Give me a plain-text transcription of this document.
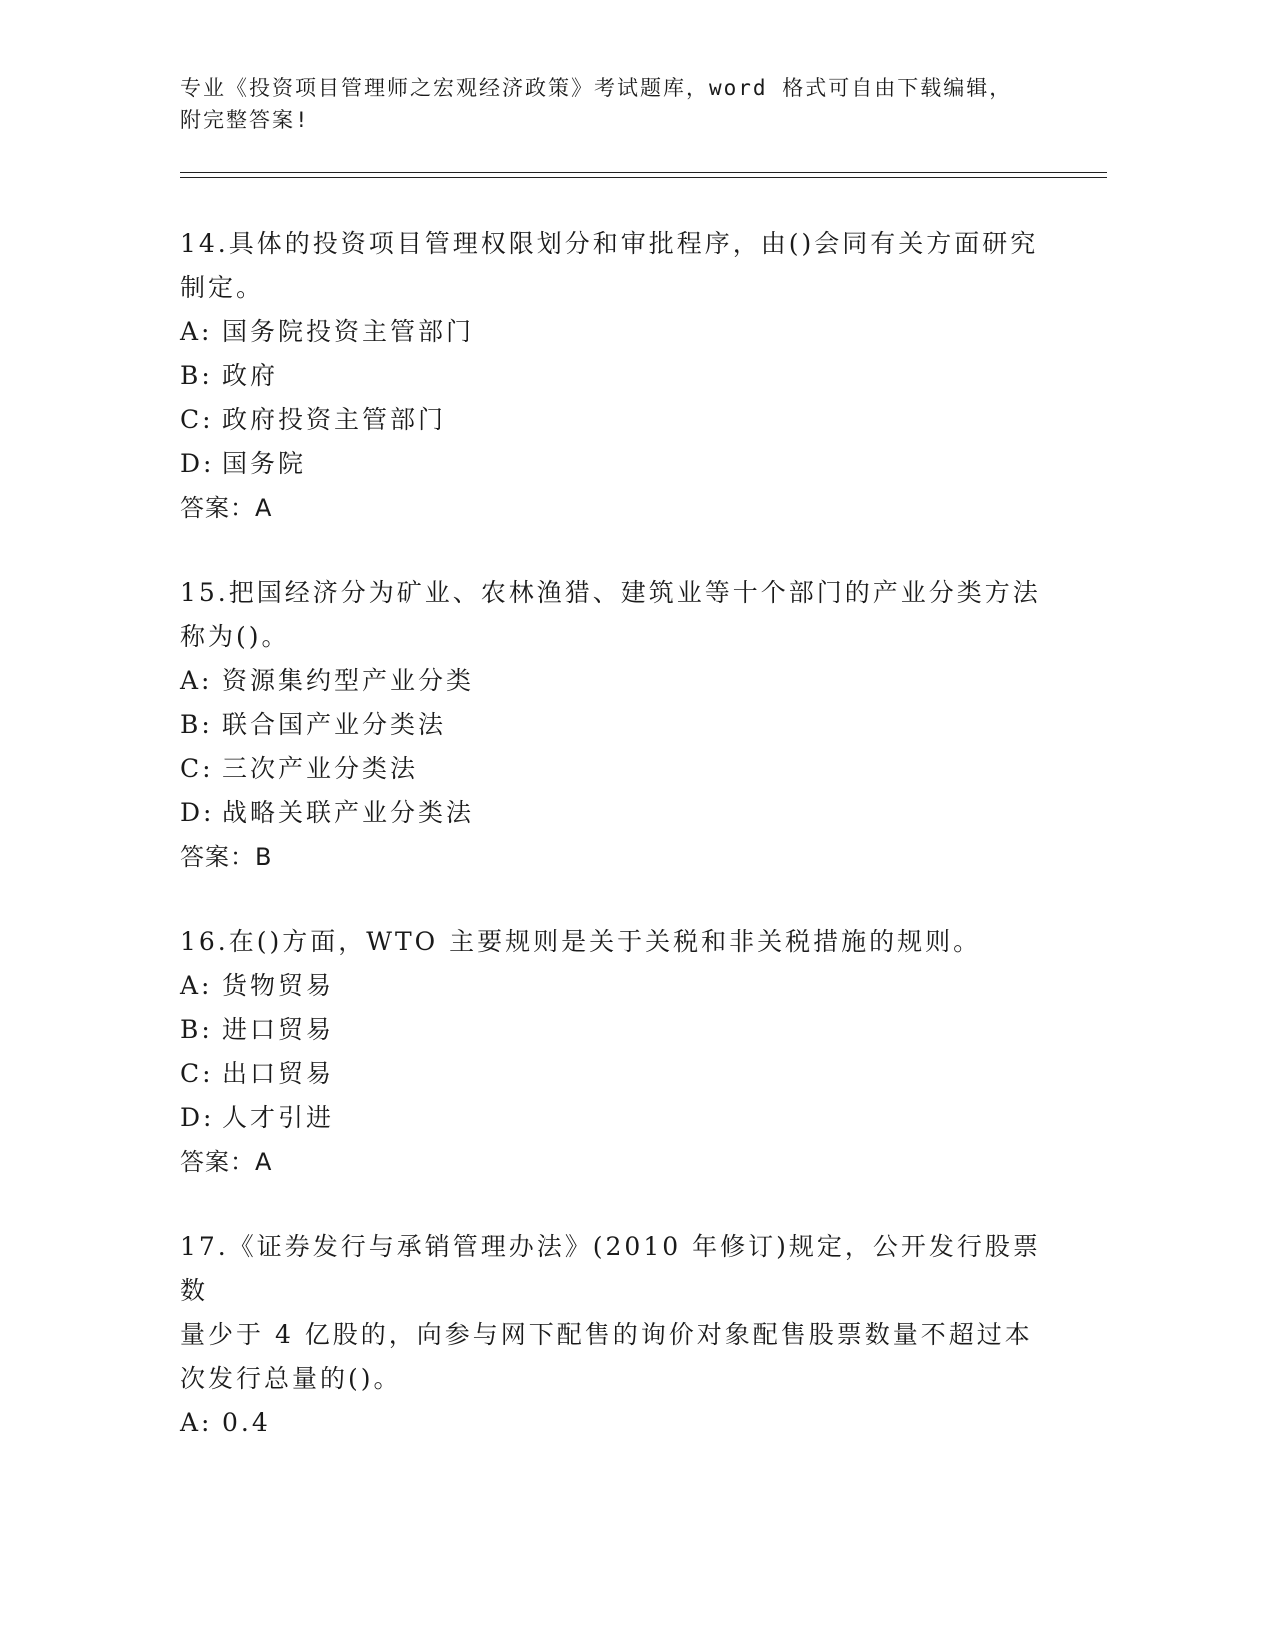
专业《投资项目管理师之宏观经济政策》考试题库，word 格式可自由下载编辑，
附完整答案!
14.具体的投资项目管理权限划分和审批程序，由()会同有关方面研究
制定。
A: 国务院投资主管部门
B: 政府
C: 政府投资主管部门
D: 国务院
答案：A
15.把国经济分为矿业、农林渔猎、建筑业等十个部门的产业分类方法
称为()。
A: 资源集约型产业分类
B: 联合国产业分类法
C: 三次产业分类法
D: 战略关联产业分类法
答案：B
16.在()方面，WTO 主要规则是关于关税和非关税措施的规则。
A: 货物贸易
B: 进口贸易
C: 出口贸易
D: 人才引进
答案：A
17.《证券发行与承销管理办法》(2010 年修订)规定，公开发行股票数
量少于 4 亿股的，向参与网下配售的询价对象配售股票数量不超过本
次发行总量的()。
A: 0.4
